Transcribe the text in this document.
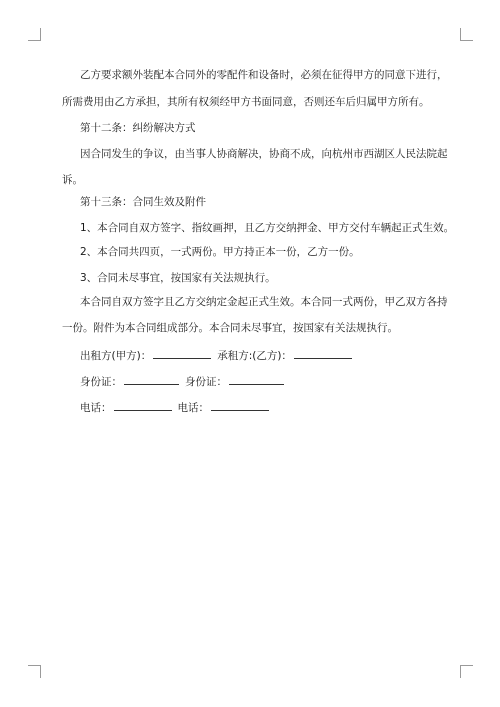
乙方要求额外装配本合同外的零配件和设备时，必须在征得甲方的同意下进行，
所需费用由乙方承担，其所有权须经甲方书面同意，否则还车后归属甲方所有。
第十二条：纠纷解决方式
因合同发生的争议，由当事人协商解决，协商不成，向杭州市西湖区人民法院起
诉。
第十三条：合同生效及附件
1、本合同自双方签字、指纹画押，且乙方交纳押金、甲方交付车辆起正式生效。
2、本合同共四页，一式两份。甲方持正本一份，乙方一份。
3、合同未尽事宜，按国家有关法规执行。
本合同自双方签字且乙方交纳定金起正式生效。本合同一式两份，甲乙双方各持
一份。附件为本合同组成部分。本合同未尽事宜，按国家有关法规执行。
出租方(甲方)：	承租方:(乙方)：
身份证：	身份证：
电话：	电话：
